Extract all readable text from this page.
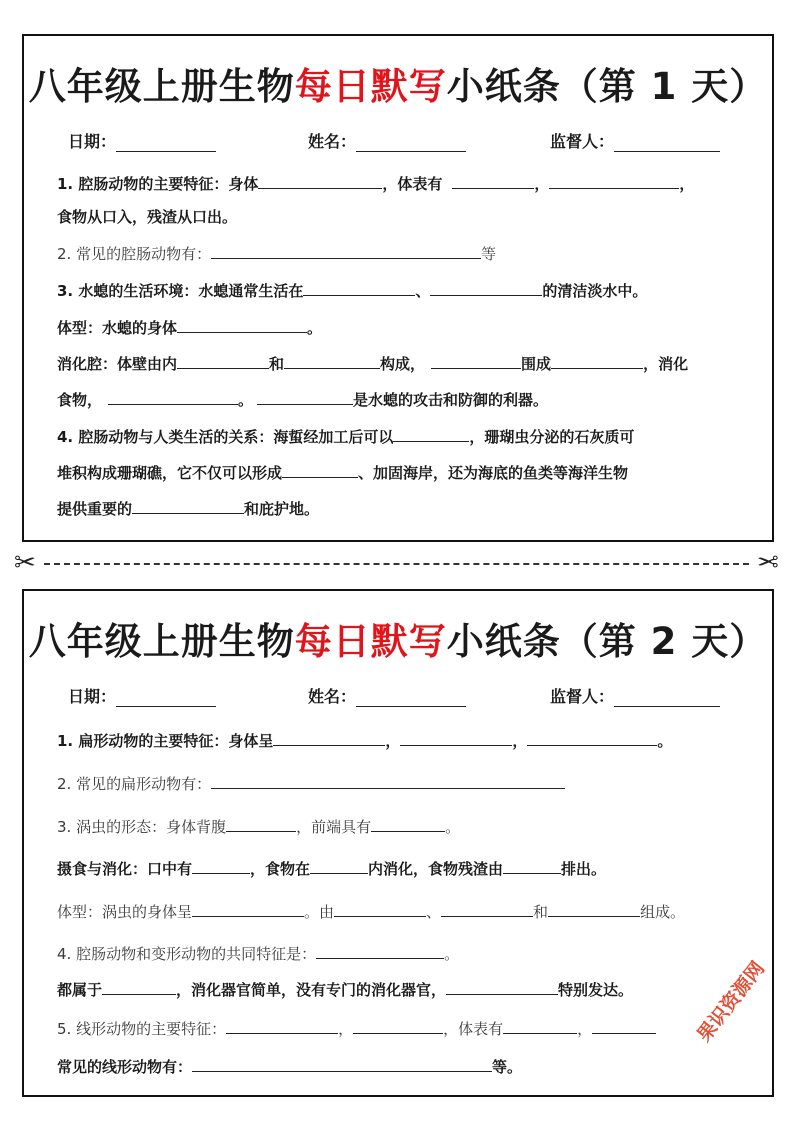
八年级上册生物每日默写小纸条（第 1 天）
日期：	姓名：	监督人：
1. 腔肠动物的主要特征：身体	，体表有	，	，
食物从口入，残渣从口出。
2. 常见的腔肠动物有：	等
3. 水螅的生活环境：水螅通常生活在	、	的清洁淡水中。
体型：水螅的身体	。
消化腔：体壁由内	和	构成，	围成	，消化
食物，	。	是水螅的攻击和防御的利器。
4. 腔肠动物与人类生活的关系：海蜇经加工后可以	，珊瑚虫分泌的石灰质可
堆积构成珊瑚礁，它不仅可以形成	、加固海岸，还为海底的鱼类等海洋生物
提供重要的	和庇护地。
✂	✂
八年级上册生物每日默写小纸条（第 2 天）
日期：	姓名：	监督人：
1. 扁形动物的主要特征：身体呈	，	，	。
2. 常见的扁形动物有：
3. 涡虫的形态：身体背腹	，前端具有	。
摄食与消化：口中有	，食物在	内消化，食物残渣由	排出。
体型：涡虫的身体呈	。由	、	和	组成。
4. 腔肠动物和变形动物的共同特征是：	。
都属于	，消化器官简单，没有专门的消化器官，	特别发达。
5. 线形动物的主要特征：	，	，体表有	，
常见的线形动物有：	等。
果识资源网
